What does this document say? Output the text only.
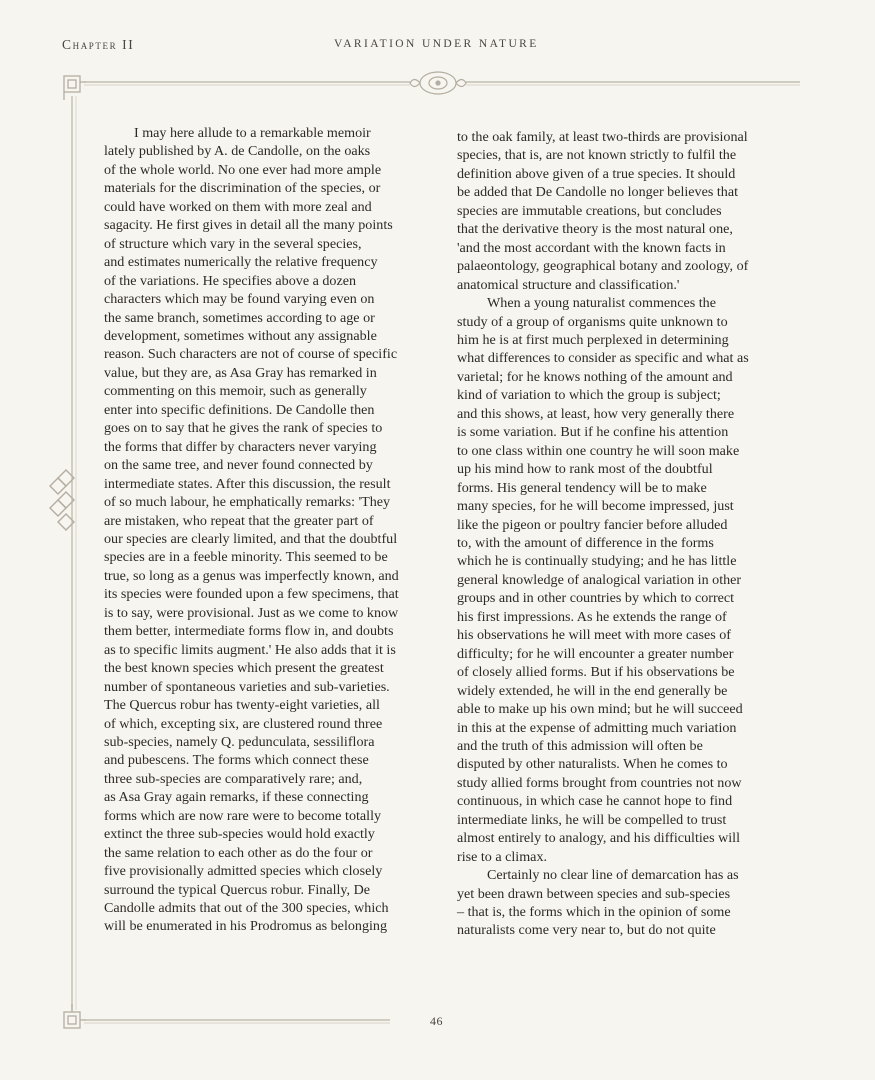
Chapter II	VARIATION UNDER NATURE
I may here allude to a remarkable memoir
lately published by A. de Candolle, on the oaks
of the whole world. No one ever had more ample
materials for the discrimination of the species, or
could have worked on them with more zeal and
sagacity. He first gives in detail all the many points
of structure which vary in the several species,
and estimates numerically the relative frequency
of the variations. He specifies above a dozen
characters which may be found varying even on
the same branch, sometimes according to age or
development, sometimes without any assignable
reason. Such characters are not of course of specific
value, but they are, as Asa Gray has remarked in
commenting on this memoir, such as generally
enter into specific definitions. De Candolle then
goes on to say that he gives the rank of species to
the forms that differ by characters never varying
on the same tree, and never found connected by
intermediate states. After this discussion, the result
of so much labour, he emphatically remarks: 'They
are mistaken, who repeat that the greater part of
our species are clearly limited, and that the doubtful
species are in a feeble minority. This seemed to be
true, so long as a genus was imperfectly known, and
its species were founded upon a few specimens, that
is to say, were provisional. Just as we come to know
them better, intermediate forms flow in, and doubts
as to specific limits augment.' He also adds that it is
the best known species which present the greatest
number of spontaneous varieties and sub-varieties.
The Quercus robur has twenty-eight varieties, all
of which, excepting six, are clustered round three
sub-species, namely Q. pedunculata, sessiliflora
and pubescens. The forms which connect these
three sub-species are comparatively rare; and,
as Asa Gray again remarks, if these connecting
forms which are now rare were to become totally
extinct the three sub-species would hold exactly
the same relation to each other as do the four or
five provisionally admitted species which closely
surround the typical Quercus robur. Finally, De
Candolle admits that out of the 300 species, which
will be enumerated in his Prodromus as belonging
to the oak family, at least two-thirds are provisional
species, that is, are not known strictly to fulfil the
definition above given of a true species. It should
be added that De Candolle no longer believes that
species are immutable creations, but concludes
that the derivative theory is the most natural one,
'and the most accordant with the known facts in
palaeontology, geographical botany and zoology, of
anatomical structure and classification.'
When a young naturalist commences the
study of a group of organisms quite unknown to
him he is at first much perplexed in determining
what differences to consider as specific and what as
varietal; for he knows nothing of the amount and
kind of variation to which the group is subject;
and this shows, at least, how very generally there
is some variation. But if he confine his attention
to one class within one country he will soon make
up his mind how to rank most of the doubtful
forms. His general tendency will be to make
many species, for he will become impressed, just
like the pigeon or poultry fancier before alluded
to, with the amount of difference in the forms
which he is continually studying; and he has little
general knowledge of analogical variation in other
groups and in other countries by which to correct
his first impressions. As he extends the range of
his observations he will meet with more cases of
difficulty; for he will encounter a greater number
of closely allied forms. But if his observations be
widely extended, he will in the end generally be
able to make up his own mind; but he will succeed
in this at the expense of admitting much variation
and the truth of this admission will often be
disputed by other naturalists. When he comes to
study allied forms brought from countries not now
continuous, in which case he cannot hope to find
intermediate links, he will be compelled to trust
almost entirely to analogy, and his difficulties will
rise to a climax.
Certainly no clear line of demarcation has as
yet been drawn between species and sub-species
– that is, the forms which in the opinion of some
naturalists come very near to, but do not quite
46
